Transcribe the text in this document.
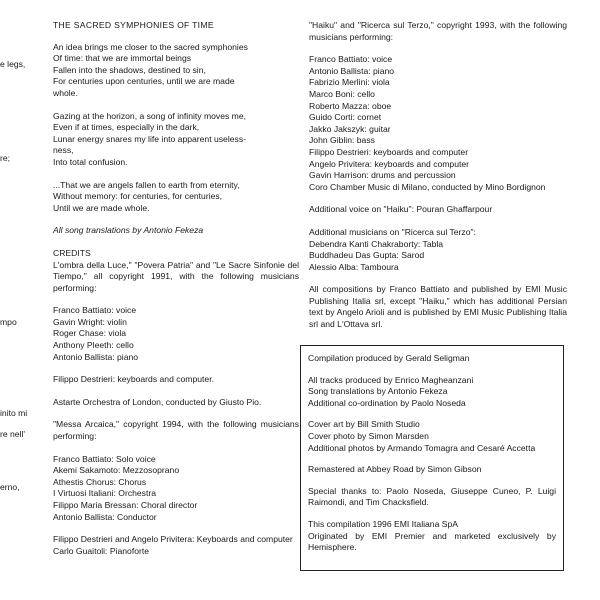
e legs,
re;
mpo
inito mi
re nell'
erno,
THE SACRED SYMPHONIES OF TIME
An idea brings me closer to the sacred symphonies
Of time: that we are immortal beings
Fallen into the shadows, destined to sin,
For centuries upon centuries, until we are made
whole.
Gazing at the horizon, a song of infinity moves me,
Even if at times, especially in the dark,
Lunar energy snares my life into apparent useless-
ness,
Into total confusion.
...That we are angels fallen to earth from eternity,
Without memory: for centuries, for centuries,
Until we are made whole.
All song translations by Antonio Fekeza
CREDITS
L'ombra della Luce," "Povera Patria" and "Le Sacre Sinfonie del Tiempo," all copyright 1991, with the following musicians performing:
Franco Battiato: voice
Gavin Wright: violin
Roger Chase: viola
Anthony Pleeth: cello
Antonio Ballista: piano
Filippo Destrieri: keyboards and computer.
Astarte Orchestra of London, conducted by Giusto Pio.
"Messa Arcaica," copyright 1994, with the following musicians performing:
Franco Battiato: Solo voice
Akemi Sakamoto: Mezzosoprano
Athestis Chorus: Chorus
I Virtuosi Italiani: Orchestra
Filippo Maria Bressan: Choral director
Antonio Ballista: Conductor
Filippo Destrieri and Angelo Privitera: Keyboards and computer
Carlo Guaitoli: Pianoforte
"Haiku" and "Ricerca sul Terzo," copyright 1993, with the following musicians performing:
Franco Battiato: voice
Antonio Ballista: piano
Fabrizio Merlini: viola
Marco Boni: cello
Roberto Mazza: oboe
Guido Corti: cornet
Jakko Jakszyk: guitar
John Giblin: bass
Filippo Destrieri: keyboards and computer
Angelo Privitera: keyboards and computer
Gavin Harrison: drums and percussion
Coro Chamber Music di Milano, conducted by Mino Bordignon
Additional voice on "Haiku": Pouran Ghaffarpour
Additional musicians on "Ricerca sul Terzo":
Debendra Kanti Chakraborty: Tabla
Buddhadeu Das Gupta: Sarod
Alessio Alba: Tamboura
All compositions by Franco Battiato and published by EMI Music Publishing Italia srl, except "Haiku," which has additional Persian text by Angelo Arioli and is published by EMI Music Publishing Italia srl and L'Ottava srl.
Compilation produced by Gerald Seligman
All tracks produced by Enrico Magheanzani
Song translations by Antonio Fekeza
Additional co-ordination by Paolo Noseda
Cover art by Bill Smith Studio
Cover photo by Simon Marsden
Additional photos by Armando Tomagra and Cesaré Accetta
Remastered at Abbey Road by Simon Gibson
Special thanks to: Paolo Noseda, Giuseppe Cuneo, P. Luigi Raimondi, and Tim Chacksfield.
This compilation 1996 EMI Italiana SpA
Originated by EMI Premier and marketed exclusively by Hemisphere.
